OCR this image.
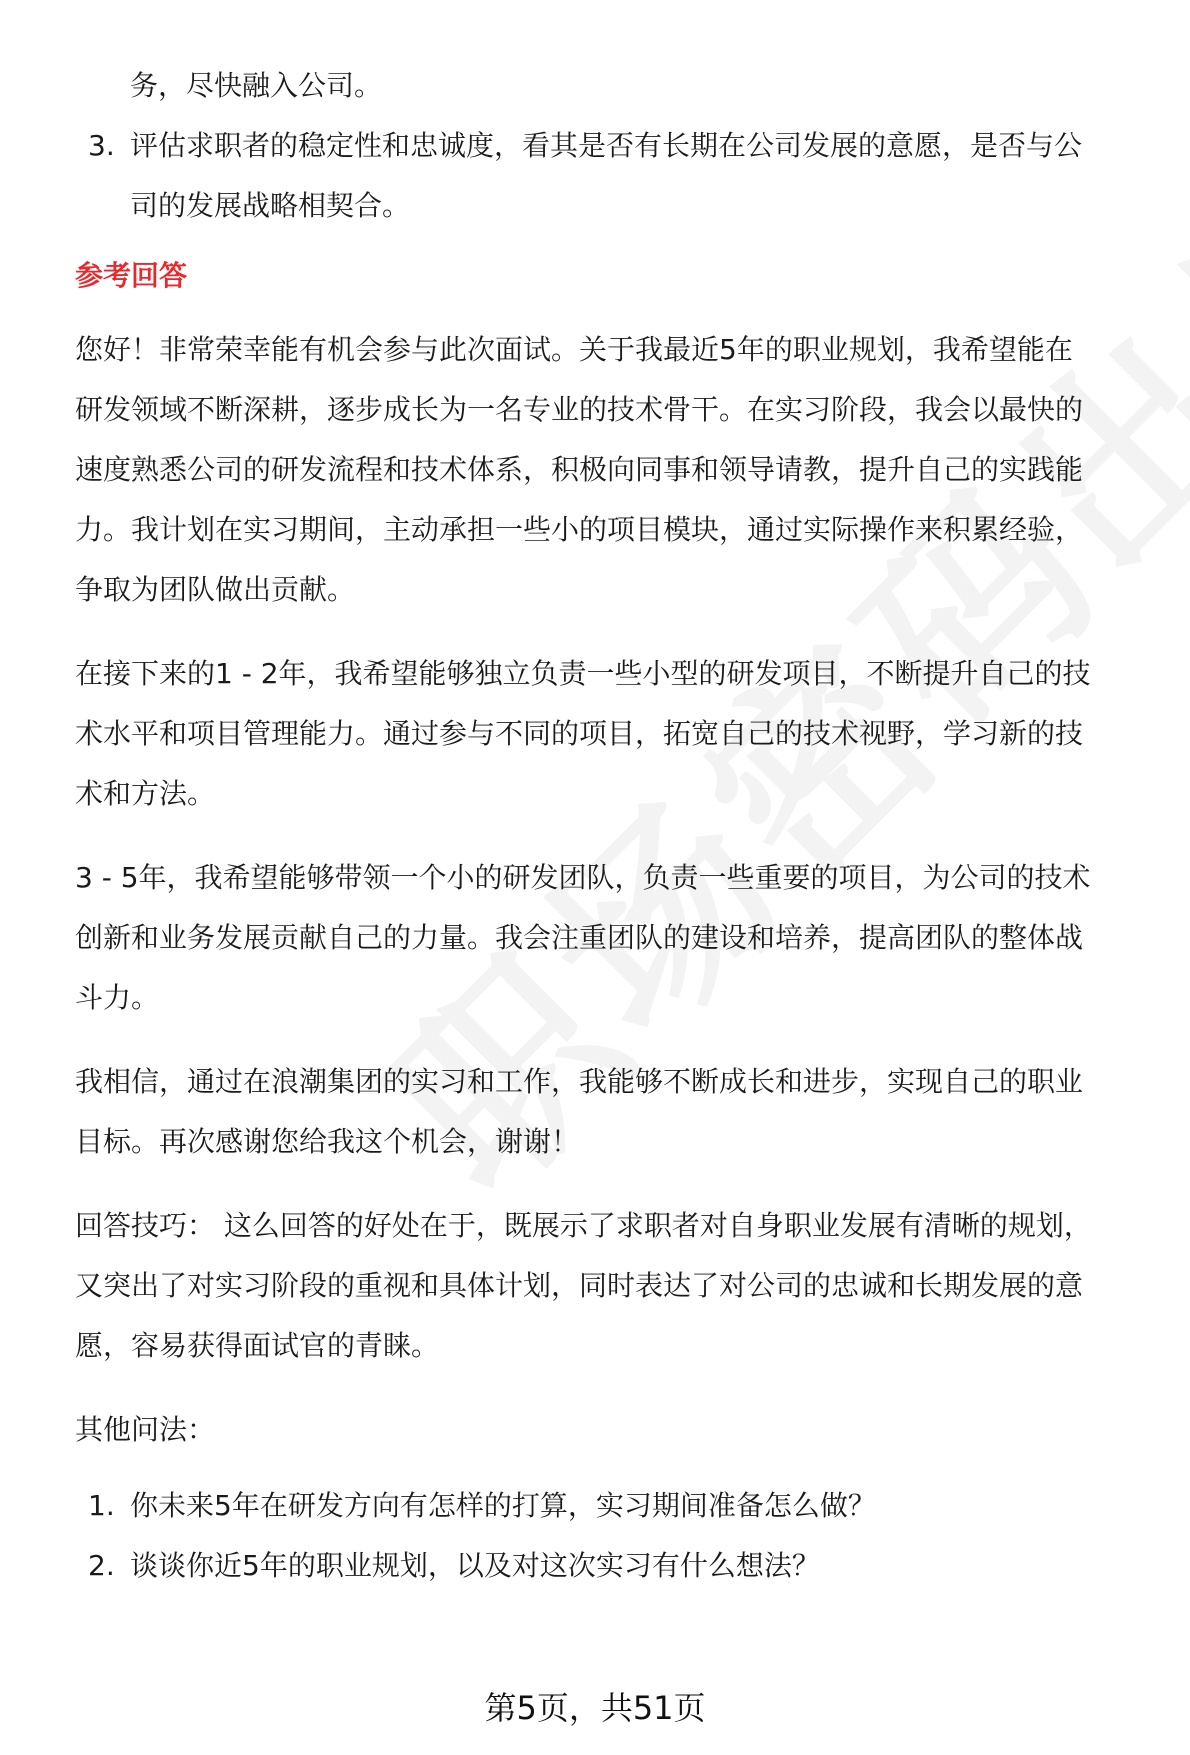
务，尽快融入公司。

3. 评估求职者的稳定性和忠诚度，看其是否有长期在公司发展的意愿，是否与公

司的发展战略相契合。

参考回答

您好！非常荣幸能有机会参与此次面试。关于我最近5年的职业规划，我希望能在

研发领域不断深耕，逐步成长为一名专业的技术骨干。在实习阶段，我会以最快的

速度熟悉公司的研发流程和技术体系，积极向同事和领导请教，提升自己的实践能

力。我计划在实习期间，主动承担一些小的项目模块，通过实际操作来积累经验，

争取为团队做出贡献。

在接下来的1 - 2年，我希望能够独立负责一些小型的研发项目，不断提升自己的技

术水平和项目管理能力。通过参与不同的项目，拓宽自己的技术视野，学习新的技

术和方法。

3 - 5年，我希望能够带领一个小的研发团队，负责一些重要的项目，为公司的技术

创新和业务发展贡献自己的力量。我会注重团队的建设和培养，提高团队的整体战

斗力。

我相信，通过在浪潮集团的实习和工作，我能够不断成长和进步，实现自己的职业

目标。再次感谢您给我这个机会，谢谢！

回答技巧： 这么回答的好处在于，既展示了求职者对自身职业发展有清晰的规划，

又突出了对实习阶段的重视和具体计划，同时表达了对公司的忠诚和长期发展的意

愿，容易获得面试官的青睐。

其他问法：

1. 你未来5年在研发方向有怎样的打算，实习期间准备怎么做？

2. 谈谈你近5年的职业规划，以及对这次实习有什么想法？

第5页，共51页
